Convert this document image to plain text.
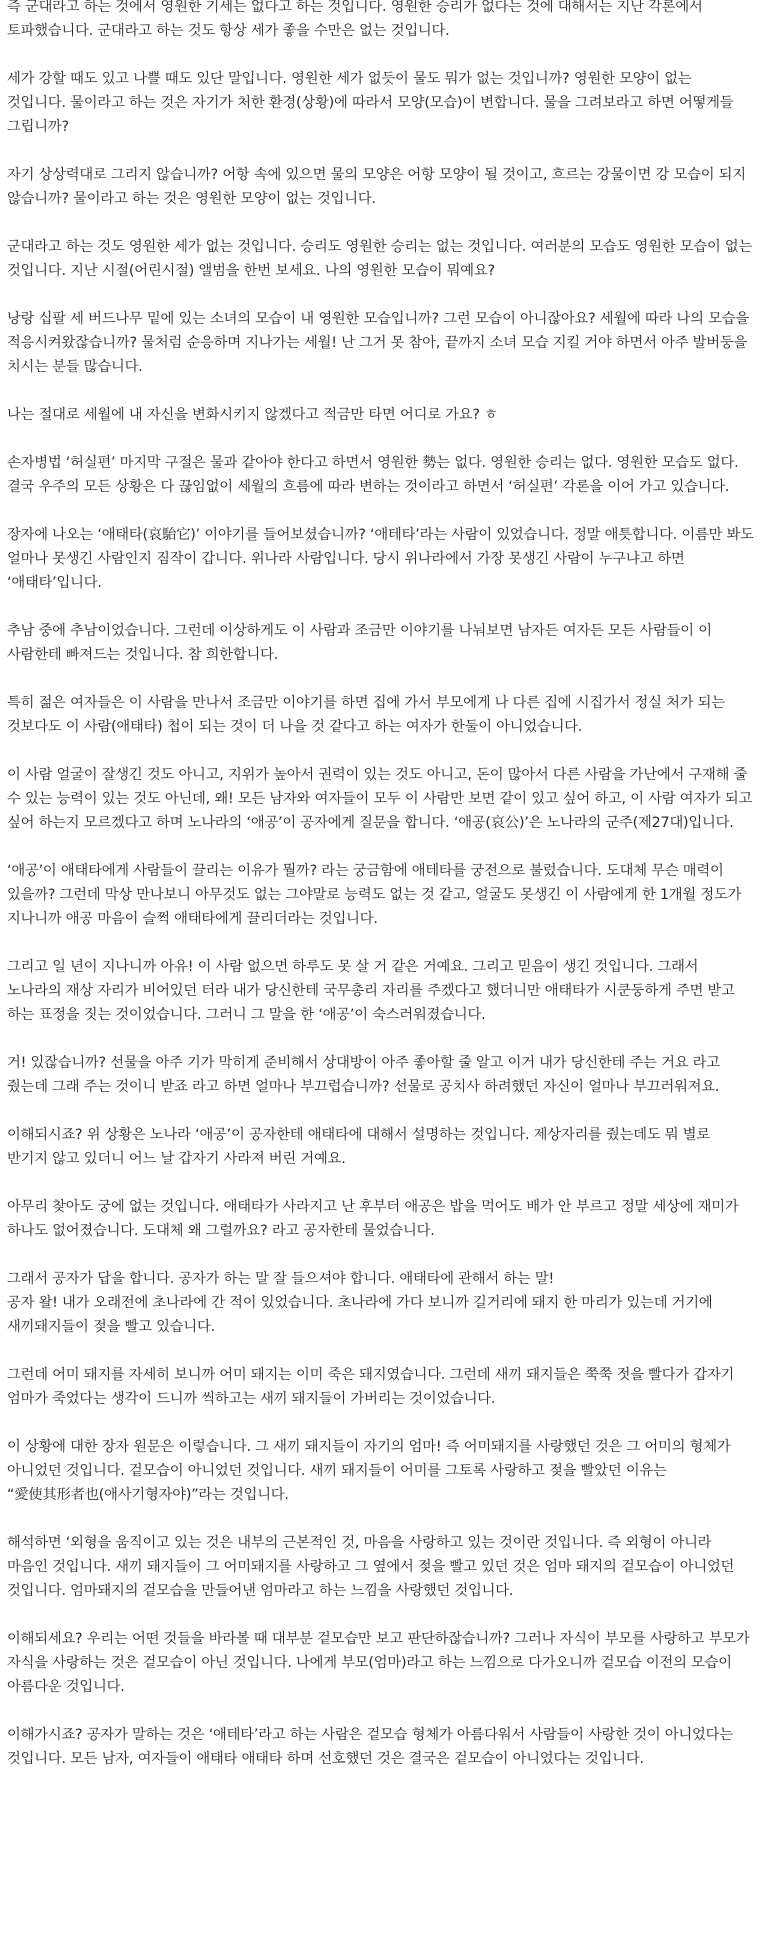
즉 군대라고 하는 것에서 영원한 기세는 없다고 하는 것입니다. 영원한 승리가 없다는 것에 대해서는 지난 각론에서 토파했습니다. 군대라고 하는 것도 항상 세가 좋을 수만은 없는 것입니다.

세가 강할 때도 있고 나쁠 때도 있단 말입니다. 영원한 세가 없듯이 물도 뭐가 없는 것입니까? 영원한 모양이 없는 것입니다. 물이라고 하는 것은 자기가 처한 환경(상황)에 따라서 모양(모습)이 변합니다. 물을 그려보라고 하면 어떻게들 그립니까?

자기 상상력대로 그리지 않습니까? 어항 속에 있으면 물의 모양은 어항 모양이 될 것이고, 흐르는 강물이면 강 모습이 되지 않습니까? 물이라고 하는 것은 영원한 모양이 없는 것입니다.

군대라고 하는 것도 영원한 세가 없는 것입니다. 승리도 영원한 승리는 없는 것입니다. 여러분의 모습도 영원한 모습이 없는 것입니다. 지난 시절(어린시절) 앨범을 한번 보세요. 나의 영원한 모습이 뭐예요?

낭랑 십팔 세 버드나무 밑에 있는 소녀의 모습이 내 영원한 모습입니까? 그런 모습이 아니잖아요? 세월에 따라 나의 모습을 적응시켜왔잖습니까? 물처럼 순응하며 지나가는 세월! 난 그거 못 참아, 끝까지 소녀 모습 지킬 거야 하면서 아주 발버둥을 치시는 분들 많습니다.

나는 절대로 세월에 내 자신을 변화시키지 않겠다고 적금만 타면 어디로 가요? ㅎ

손자병법 ‘허실편’ 마지막 구절은 물과 같아야 한다고 하면서 영원한 勢는 없다. 영원한 승리는 없다. 영원한 모습도 없다. 결국 우주의 모든 상황은 다 끊임없이 세월의 흐름에 따라 변하는 것이라고 하면서 ‘허실편’ 각론을 이어 가고 있습니다.

장자에 나오는 ‘애태타(哀駘它)’ 이야기를 들어보셨습니까? ‘애테타’라는 사람이 있었습니다. 정말 애틋합니다. 이름만 봐도 얼마나 못생긴 사람인지 짐작이 갑니다. 위나라 사람입니다. 당시 위나라에서 가장 못생긴 사람이 누구냐고 하면 ‘애태타’입니다.

추남 중에 추남이었습니다. 그런데 이상하게도 이 사람과 조금만 이야기를 나눠보면 남자든 여자든 모든 사람들이 이 사람한테 빠져드는 것입니다. 참 희한합니다.

특히 젊은 여자들은 이 사람을 만나서 조금만 이야기를 하면 집에 가서 부모에게 나 다른 집에 시집가서 정실 처가 되는 것보다도 이 사람(애태타) 첩이 되는 것이 더 나을 것 같다고 하는 여자가 한둘이 아니었습니다.

이 사람 얼굴이 잘생긴 것도 아니고, 지위가 높아서 권력이 있는 것도 아니고, 돈이 많아서 다른 사람을 가난에서 구재해 줄 수 있는 능력이 있는 것도 아닌데, 왜! 모든 남자와 여자들이 모두 이 사람만 보면 같이 있고 싶어 하고, 이 사람 여자가 되고 싶어 하는지 모르겠다고 하며 노나라의 ‘애공’이 공자에게 질문을 합니다. ‘애공(哀公)’은 노나라의 군주(제27대)입니다.

‘애공’이 애태타에게 사람들이 끌리는 이유가 뭘까? 라는 궁금함에 애테타를 궁전으로 불렀습니다. 도대체 무슨 매력이 있을까? 그런데 막상 만나보니 아무것도 없는 그야말로 능력도 없는 것 같고, 얼굴도 못생긴 이 사람에게 한 1개월 정도가 지나니까 애공 마음이 슬쩍 애태타에게 끌리더라는 것입니다.

그리고 일 년이 지나니까 아유! 이 사람 없으면 하루도 못 살 거 같은 거예요. 그리고 믿음이 생긴 것입니다. 그래서 노나라의 재상 자리가 비어있던 터라 내가 당신한테 국무총리 자리를 주겠다고 했더니만 애태타가 시쿤둥하게 주면 받고 하는 표정을 짓는 것이었습니다. 그러니 그 말을 한 ‘애공’이 숙스러워졌습니다.

거! 있잖습니까? 선물을 아주 기가 막히게 준비해서 상대방이 아주 좋아할 줄 알고 이거 내가 당신한테 주는 거요 라고 줬는데 그래 주는 것이니 받죠 라고 하면 얼마나 부끄럽습니까? 선물로 공치사 하려했던 자신이 얼마나 부끄러워져요.

이해되시죠? 위 상황은 노나라 ‘애공’이 공자한테 애태타에 대해서 설명하는 것입니다. 제상자리를 줬는데도 뭐 별로 반기지 않고 있더니 어느 날 갑자기 사라져 버린 거예요.

아무리 찾아도 궁에 없는 것입니다. 애태타가 사라지고 난 후부터 애공은 밥을 먹어도 배가 안 부르고 정말 세상에 재미가 하나도 없어졌습니다. 도대체 왜 그럴까요? 라고 공자한테 물었습니다.

그래서 공자가 답을 합니다. 공자가 하는 말 잘 들으셔야 합니다. 애태타에 관해서 하는 말!
공자 왈! 내가 오래전에 초나라에 간 적이 있었습니다. 초나라에 가다 보니까 길거리에 돼지 한 마리가 있는데 거기에 새끼돼지들이 젖을 빨고 있습니다.

그런데 어미 돼지를 자세히 보니까 어미 돼지는 이미 죽은 돼지였습니다. 그런데 새끼 돼지들은 쭉쭉 젓을 빨다가 갑자기 엄마가 죽었다는 생각이 드니까 씩하고는 새끼 돼지들이 가버리는 것이었습니다.

이 상황에 대한 장자 원문은 이렇습니다. 그 새끼 돼지들이 자기의 엄마! 즉 어미돼지를 사랑했던 것은 그 어미의 형체가 아니었던 것입니다. 겉모습이 아니었던 것입니다. 새끼 돼지들이 어미를 그토록 사랑하고 젖을 빨았던 이유는 “愛使其形者也(애사기형자야)”라는 것입니다.

해석하면 ‘외형을 움직이고 있는 것은 내부의 근본적인 것, 마음을 사랑하고 있는 것이란 것입니다. 즉 외형이 아니라 마음인 것입니다. 새끼 돼지들이 그 어미돼지를 사랑하고 그 옆에서 젖을 빨고 있던 것은 엄마 돼지의 겉모습이 아니었던 것입니다. 엄마돼지의 겉모습을 만들어낸 엄마라고 하는 느낌을 사랑했던 것입니다.

이해되세요? 우리는 어떤 것들을 바라볼 때 대부분 겉모습만 보고 판단하잖습니까? 그러나 자식이 부모를 사랑하고 부모가 자식을 사랑하는 것은 겉모습이 아닌 것입니다. 나에게 부모(엄마)라고 하는 느낌으로 다가오니까 겉모습 이전의 모습이 아름다운 것입니다.

이해가시죠? 공자가 말하는 것은 ‘애테타’라고 하는 사람은 겉모습 형체가 아름다워서 사람들이 사랑한 것이 아니었다는 것입니다. 모든 남자, 여자들이 애태타 애태타 하며 선호했던 것은 결국은 겉모습이 아니었다는 것입니다.
